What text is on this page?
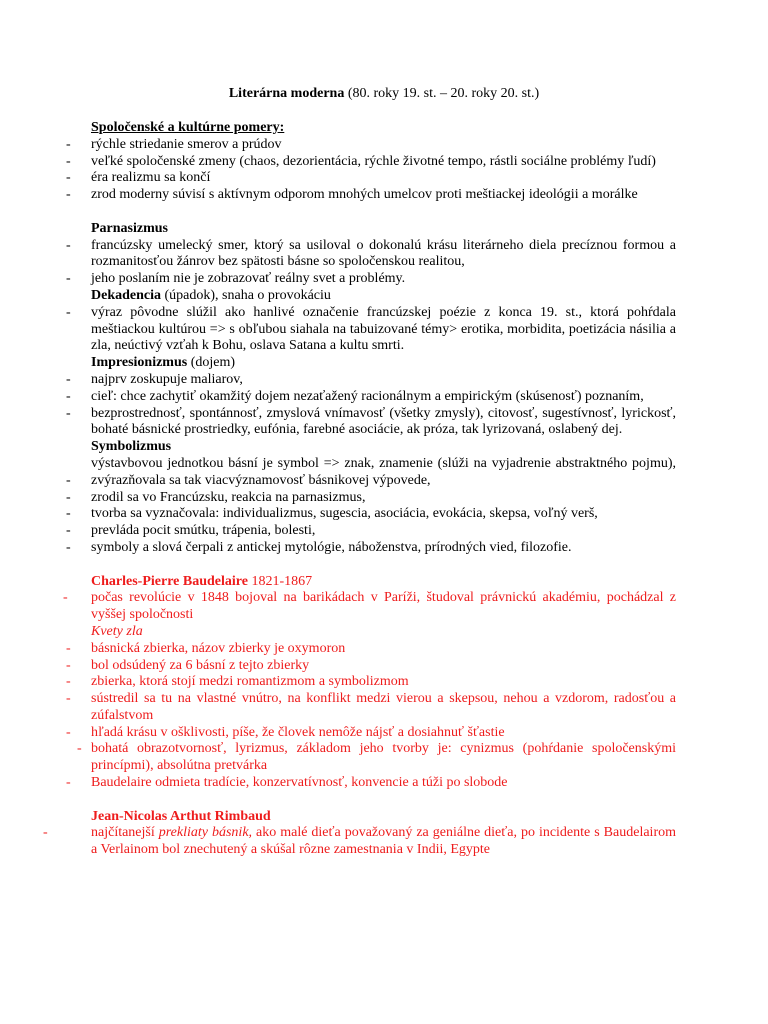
Literárna moderna (80. roky 19. st. – 20. roky 20. st.)
Spoločenské a kultúrne pomery:
- rýchle striedanie smerov a prúdov
- veľké spoločenské zmeny (chaos, dezorientácia, rýchle životné tempo, rástli sociálne problémy ľudí)
- éra realizmu sa končí
- zrod moderny súvisí s aktívnym odporom mnohých umelcov proti meštiackej ideológii a morálke
Parnasizmus
- francúzsky umelecký smer, ktorý sa usiloval o dokonalú krásu literárneho diela precíznou formou a rozmanitosťou žánrov bez spätosti básne so spoločenskou realitou,
- jeho poslaním nie je zobrazovať reálny svet a problémy.
Dekadencia (úpadok), snaha o provokáciu
- výraz pôvodne slúžil ako hanlivé označenie francúzskej poézie z konca 19. st., ktorá pohŕdala meštiackou kultúrou => s obľubou siahala na tabuizované témy> erotika, morbidita, poetizácia násilia a zla, neúctivý vzťah k Bohu, oslava Satana a kultu smrti.
Impresionizmus (dojem)
- najprv zoskupuje maliarov,
- cieľ: chce zachytiť okamžitý dojem nezaťažený racionálnym a empirickým (skúsenosť) poznaním,
- bezprostrednosť, spontánnosť, zmyslová vnímavosť (všetky zmysly), citovosť, sugestívnosť, lyrickosť, bohaté básnické prostriedky, eufónia, farebné asociácie, ak próza, tak lyrizovaná, oslabený dej.
Symbolizmus
-
výstavbovou jednotkou básní je symbol => znak, znamenie (slúži na vyjadrenie abstraktného pojmu), zvýrazňovala sa tak viacvýznamovosť básnikovej výpovede,
- zrodil sa vo Francúzsku, reakcia na parnasizmus,
- tvorba sa vyznačovala: individualizmus, sugescia, asociácia, evokácia, skepsa, voľný verš,
- prevláda pocit smútku, trápenia, bolesti,
- symboly a slová čerpali z antickej mytológie, náboženstva, prírodných vied, filozofie.
Charles-Pierre Baudelaire 1821-1867
- počas revolúcie v 1848 bojoval na barikádach v Paríži, študoval právnickú akadémiu, pochádzal z vyššej spoločnosti
Kvety zla
- básnická zbierka, názov zbierky je oxymoron
- bol odsúdený za 6 básní z tejto zbierky
- zbierka, ktorá stojí medzi romantizmom a symbolizmom
- sústredil sa tu na vlastné vnútro, na konflikt medzi vierou a skepsou, nehou a vzdorom, radosťou a zúfalstvom
- hľadá krásu v ošklivosti, píše, že človek nemôže nájsť a dosiahnuť šťastie
- bohatá obrazotvornosť, lyrizmus, základom jeho tvorby je: cynizmus (pohŕdanie spoločenskými princípmi), absolútna pretvárka
- Baudelaire odmieta tradície, konzervatívnosť, konvencie a túži po slobode
Jean-Nicolas Arthut Rimbaud
-	najčítanejší prekliaty básnik, ako malé dieťa považovaný za geniálne dieťa, po incidente s Baudelairom a Verlainom bol znechutený a skúšal rôzne zamestnania v Indii, Egypte
